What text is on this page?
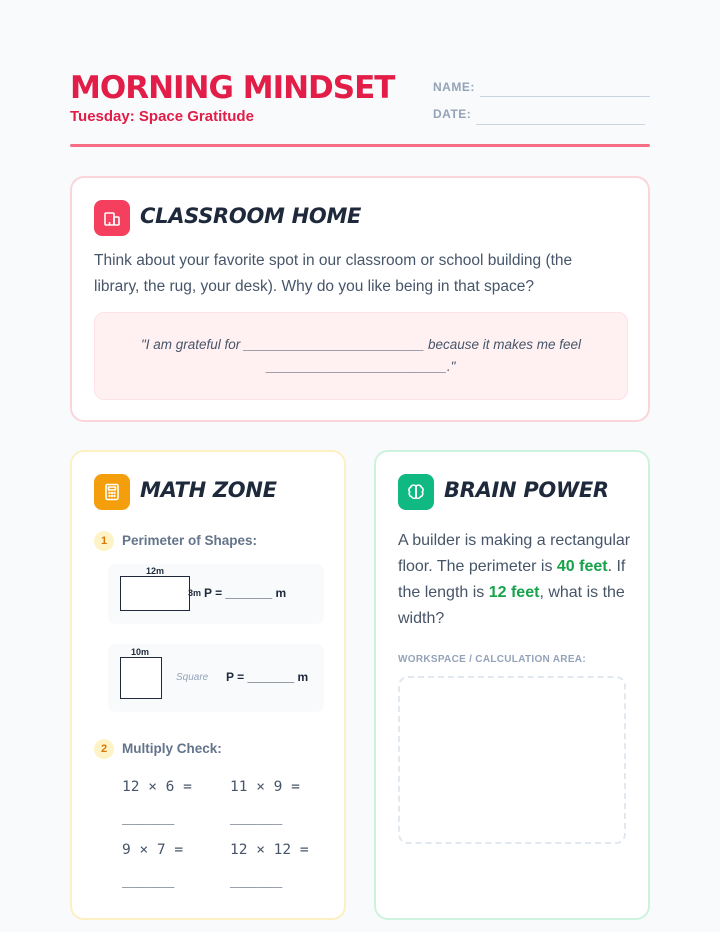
MORNING MINDSET
Tuesday: Space Gratitude
NAME:
DATE:
CLASSROOM HOME
Think about your favorite spot in our classroom or school building (the library, the rug, your desk). Why do you like being in that space?
"I am grateful for ________________________ because it makes me feel ________________________."
MATH ZONE
1	Perimeter of Shapes:
12m
3m P = _______ m
10m
Square P = _______ m
2	Multiply Check:
12 × 6 =
______
11 × 9 =
______
9 × 7 =
______
12 × 12 =
______
BRAIN POWER
A builder is making a rectangular floor. The perimeter is 40 feet. If the length is 12 feet, what is the width?
WORKSPACE / CALCULATION AREA:
